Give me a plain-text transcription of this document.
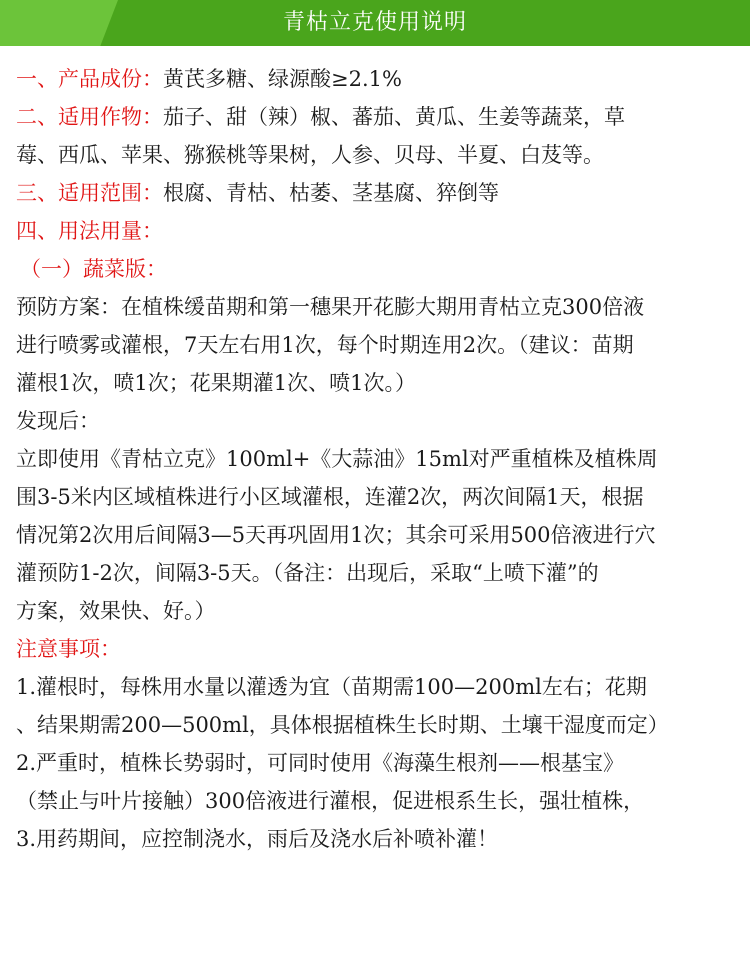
青枯立克使用说明
一、产品成份：黄芪多糖、绿源酸≥2.1%
二、适用作物：茄子、甜（辣）椒、蕃茄、黄瓜、生姜等蔬菜，草
莓、西瓜、苹果、猕猴桃等果树，人参、贝母、半夏、白芨等。
三、适用范围：根腐、青枯、枯萎、茎基腐、猝倒等
四、用法用量：
（一）蔬菜版：
预防方案：在植株缓苗期和第一穗果开花膨大期用青枯立克300倍液
进行喷雾或灌根，7天左右用1次，每个时期连用2次。（建议：苗期
灌根1次，喷1次；花果期灌1次、喷1次。）
发现后：
立即使用《青枯立克》100ml+《大蒜油》15ml对严重植株及植株周
围3-5米内区域植株进行小区域灌根，连灌2次，两次间隔1天，根据
情况第2次用后间隔3—5天再巩固用1次；其余可采用500倍液进行穴
灌预防1-2次，间隔3-5天。（备注：出现后，采取“上喷下灌”的
方案，效果快、好。）
注意事项：
1.灌根时，每株用水量以灌透为宜（苗期需100—200ml左右；花期
、结果期需200—500ml，具体根据植株生长时期、土壤干湿度而定）
2.严重时，植株长势弱时，可同时使用《海藻生根剂——根基宝》
（禁止与叶片接触）300倍液进行灌根，促进根系生长，强壮植株，
3.用药期间，应控制浇水，雨后及浇水后补喷补灌！
